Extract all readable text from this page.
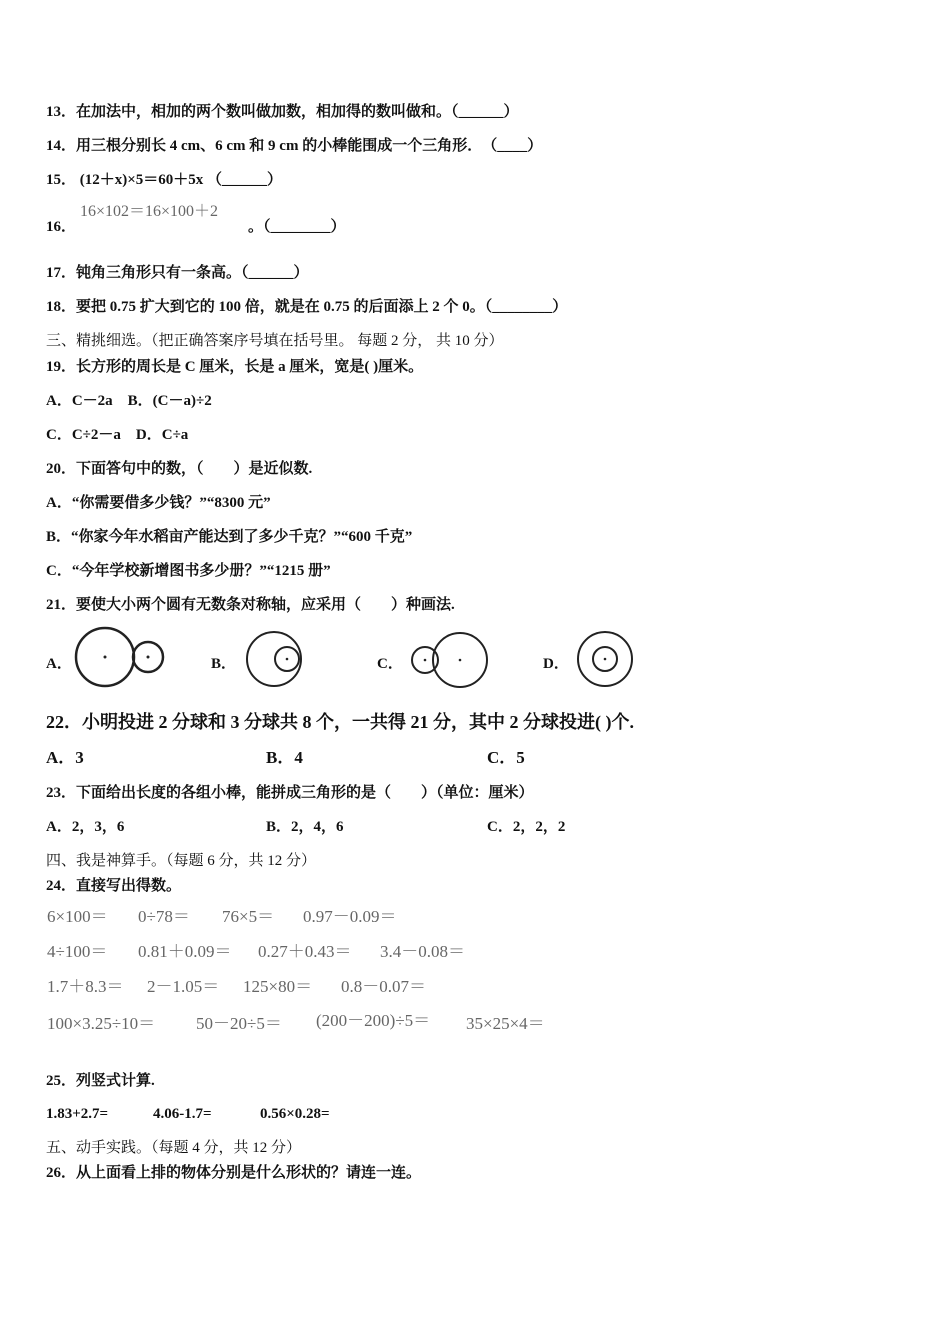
13．在加法中，相加的两个数叫做加数，相加得的数叫做和。（______）
14．用三根分别长 4 cm、6 cm 和 9 cm 的小棒能围成一个三角形．　（____）
15． (12＋x)×5＝60＋5x （______）
16．
16×102＝16×100＋2
。（________）
17．钝角三角形只有一条高。（______）
18．要把 0.75 扩大到它的 100 倍，就是在 0.75 的后面添上 2 个 0。（________）
三、精挑细选。（把正确答案序号填在括号里。 每题 2 分， 共 10 分）
19．长方形的周长是 C 厘米，长是 a 厘米，宽是( )厘米。
A．C－2a　B．(C－a)÷2
C．C÷2－a　D．C÷a
20．下面答句中的数，（　　）是近似数.
A．“你需要借多少钱？”“8300 元”
B．“你家今年水稻亩产能达到了多少千克？”“600 千克”
C．“今年学校新增图书多少册？”“1215 册”
21．要使大小两个圆有无数条对称轴，应采用（　　）种画法.
A．	B．	C．	D．
22．小明投进 2 分球和 3 分球共 8 个，一共得 21 分，其中 2 分球投进( )个.
A．3	B．4	C．5
23．下面给出长度的各组小棒，能拼成三角形的是（　　）（单位：厘米）
A．2，3，6	B．2，4，6	C．2，2，2
四、我是神算手。（每题 6 分，共 12 分）
24．直接写出得数。
6×100＝ 0÷78＝ 76×5＝ 0.97－0.09＝
4÷100＝ 0.81＋0.09＝ 0.27＋0.43＝ 3.4－0.08＝
1.7＋8.3＝ 2－1.05＝ 125×80＝ 0.8－0.07＝
100×3.25÷10＝ 50－20÷5＝ (200－200)÷5＝ 35×25×4＝
25．列竖式计算.
1.83+2.7=	4.06-1.7=	0.56×0.28=
五、动手实践。（每题 4 分，共 12 分）
26．从上面看上排的物体分别是什么形状的？请连一连。
